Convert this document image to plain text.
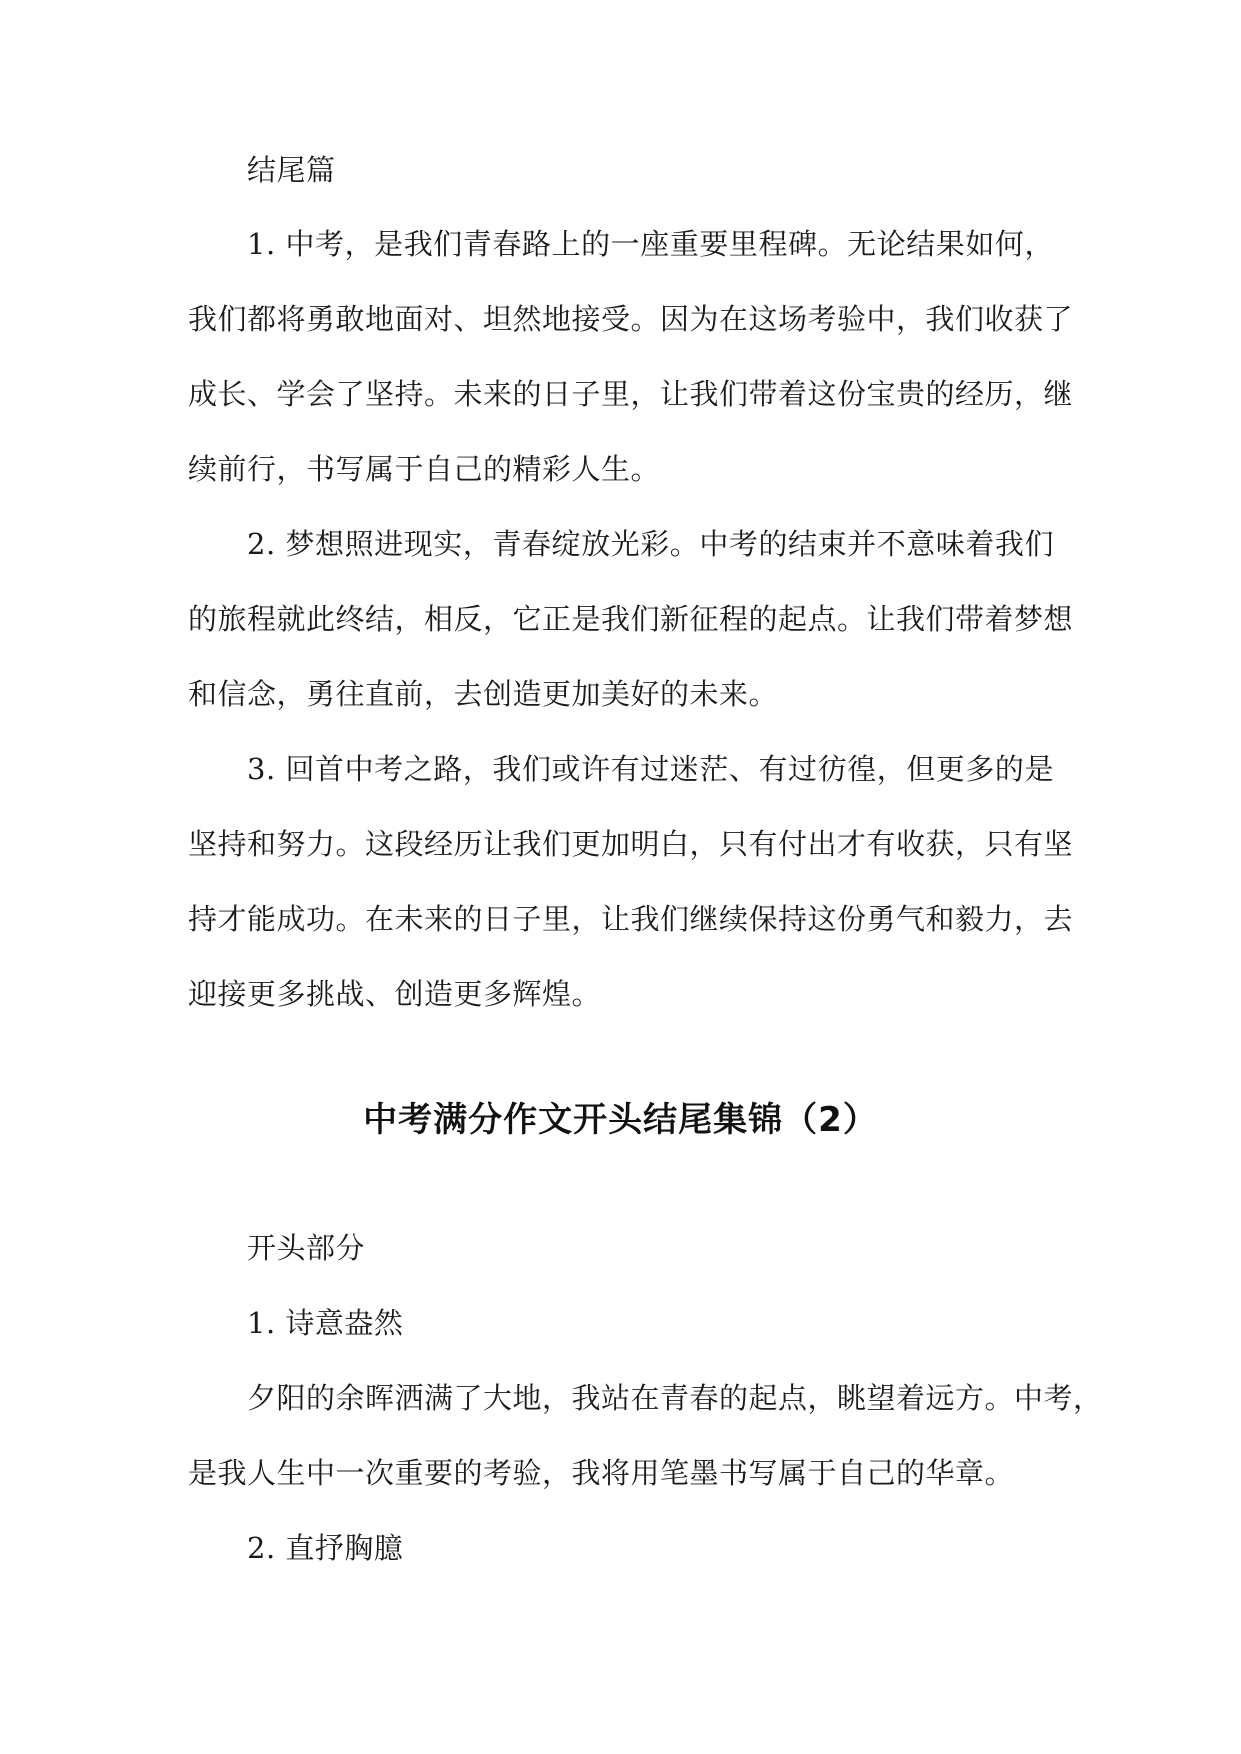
结尾篇
1. 中考，是我们青春路上的一座重要里程碑。无论结果如何，
我们都将勇敢地面对、坦然地接受。因为在这场考验中，我们收获了
成长、学会了坚持。未来的日子里，让我们带着这份宝贵的经历，继
续前行，书写属于自己的精彩人生。
2. 梦想照进现实，青春绽放光彩。中考的结束并不意味着我们
的旅程就此终结，相反，它正是我们新征程的起点。让我们带着梦想
和信念，勇往直前，去创造更加美好的未来。
3. 回首中考之路，我们或许有过迷茫、有过彷徨，但更多的是
坚持和努力。这段经历让我们更加明白，只有付出才有收获，只有坚
持才能成功。在未来的日子里，让我们继续保持这份勇气和毅力，去
迎接更多挑战、创造更多辉煌。
中考满分作文开头结尾集锦（2）
开头部分
1. 诗意盎然
夕阳的余晖洒满了大地，我站在青春的起点，眺望着远方。中考，
是我人生中一次重要的考验，我将用笔墨书写属于自己的华章。
2. 直抒胸臆
